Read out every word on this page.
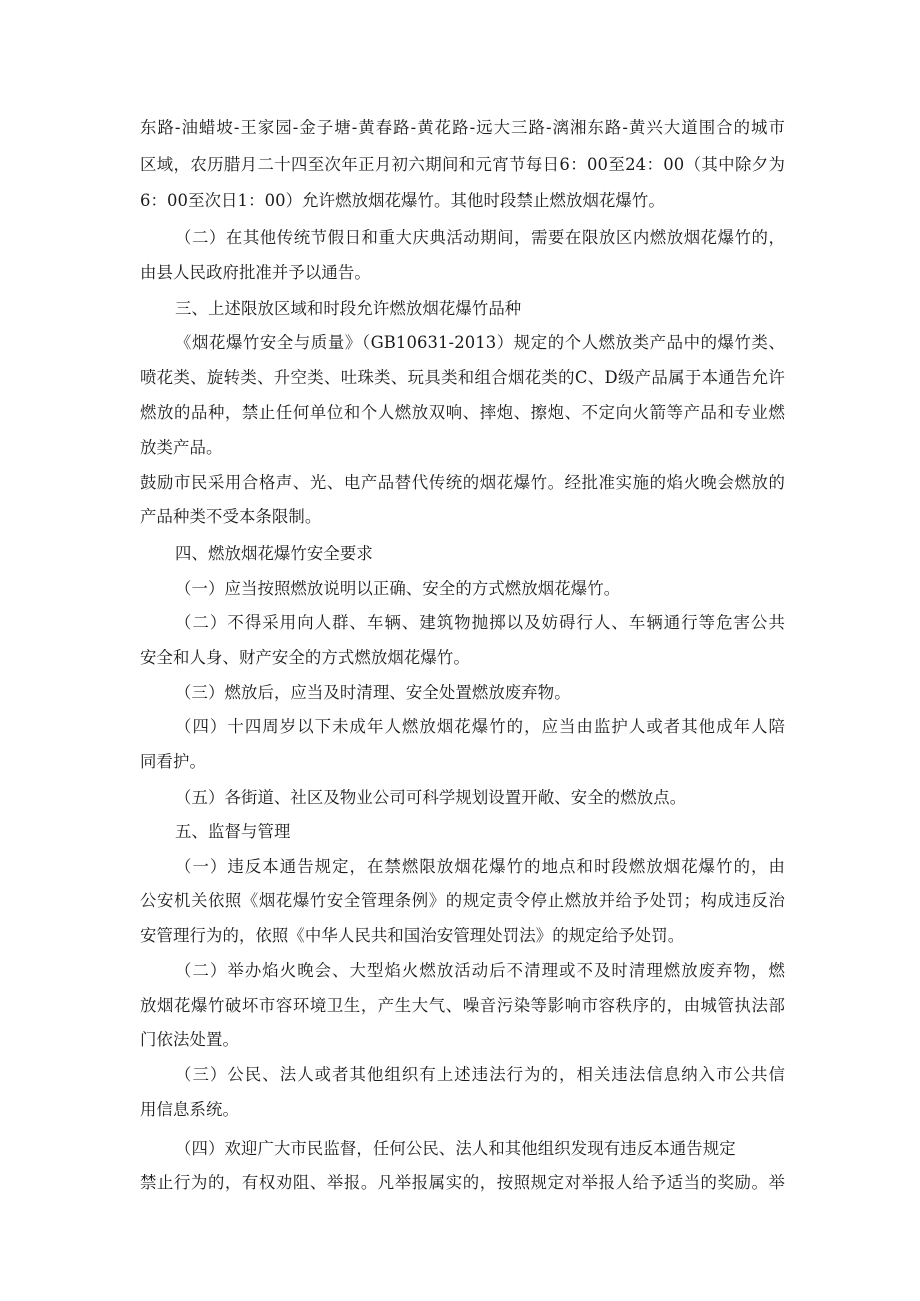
东路-油蜡坡-王家园-金子塘-黄春路-黄花路-远大三路-漓湘东路-黄兴大道围合的城市
区域，农历腊月二十四至次年正月初六期间和元宵节每日6：00至24：00（其中除夕为
6：00至次日1：00）允许燃放烟花爆竹。其他时段禁止燃放烟花爆竹。
（二）在其他传统节假日和重大庆典活动期间，需要在限放区内燃放烟花爆竹的，
由县人民政府批准并予以通告。
三、上述限放区域和时段允许燃放烟花爆竹品种
《烟花爆竹安全与质量》（GB10631-2013）规定的个人燃放类产品中的爆竹类、
喷花类、旋转类、升空类、吐珠类、玩具类和组合烟花类的C、D级产品属于本通告允许
燃放的品种，禁止任何单位和个人燃放双响、摔炮、擦炮、不定向火箭等产品和专业燃
放类产品。
鼓励市民采用合格声、光、电产品替代传统的烟花爆竹。经批准实施的焰火晚会燃放的
产品种类不受本条限制。
四、燃放烟花爆竹安全要求
（一）应当按照燃放说明以正确、安全的方式燃放烟花爆竹。
（二）不得采用向人群、车辆、建筑物抛掷以及妨碍行人、车辆通行等危害公共
安全和人身、财产安全的方式燃放烟花爆竹。
（三）燃放后，应当及时清理、安全处置燃放废弃物。
（四）十四周岁以下未成年人燃放烟花爆竹的，应当由监护人或者其他成年人陪
同看护。
（五）各街道、社区及物业公司可科学规划设置开敞、安全的燃放点。
五、监督与管理
（一）违反本通告规定，在禁燃限放烟花爆竹的地点和时段燃放烟花爆竹的，由
公安机关依照《烟花爆竹安全管理条例》的规定责令停止燃放并给予处罚；构成违反治
安管理行为的，依照《中华人民共和国治安管理处罚法》的规定给予处罚。
（二）举办焰火晚会、大型焰火燃放活动后不清理或不及时清理燃放废弃物，燃
放烟花爆竹破坏市容环境卫生，产生大气、噪音污染等影响市容秩序的，由城管执法部
门依法处置。
（三）公民、法人或者其他组织有上述违法行为的，相关违法信息纳入市公共信
用信息系统。
（四）欢迎广大市民监督，任何公民、法人和其他组织发现有违反本通告规定
禁止行为的，有权劝阻、举报。凡举报属实的，按照规定对举报人给予适当的奖励。举
